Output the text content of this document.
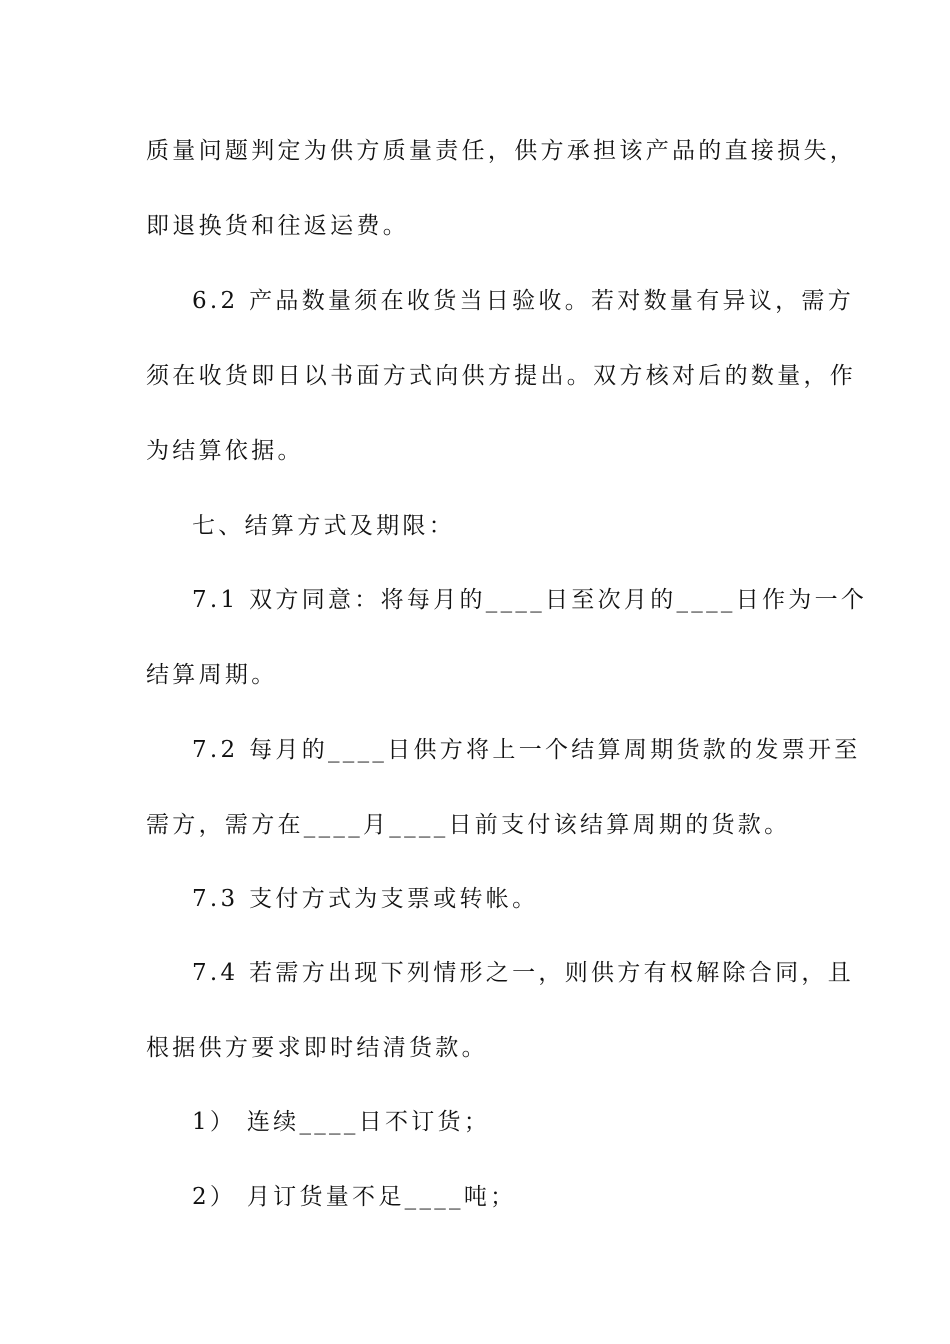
质量问题判定为供方质量责任，供方承担该产品的直接损失，
即退换货和往返运费。
6.2 产品数量须在收货当日验收。若对数量有异议，需方
须在收货即日以书面方式向供方提出。双方核对后的数量，作
为结算依据。
七、结算方式及期限：
7.1 双方同意：将每月的____日至次月的____日作为一个
结算周期。
7.2 每月的____日供方将上一个结算周期货款的发票开至
需方，需方在____月____日前支付该结算周期的货款。
7.3 支付方式为支票或转帐。
7.4 若需方出现下列情形之一，则供方有权解除合同，且
根据供方要求即时结清货款。
1） 连续____日不订货；
2） 月订货量不足____吨；
